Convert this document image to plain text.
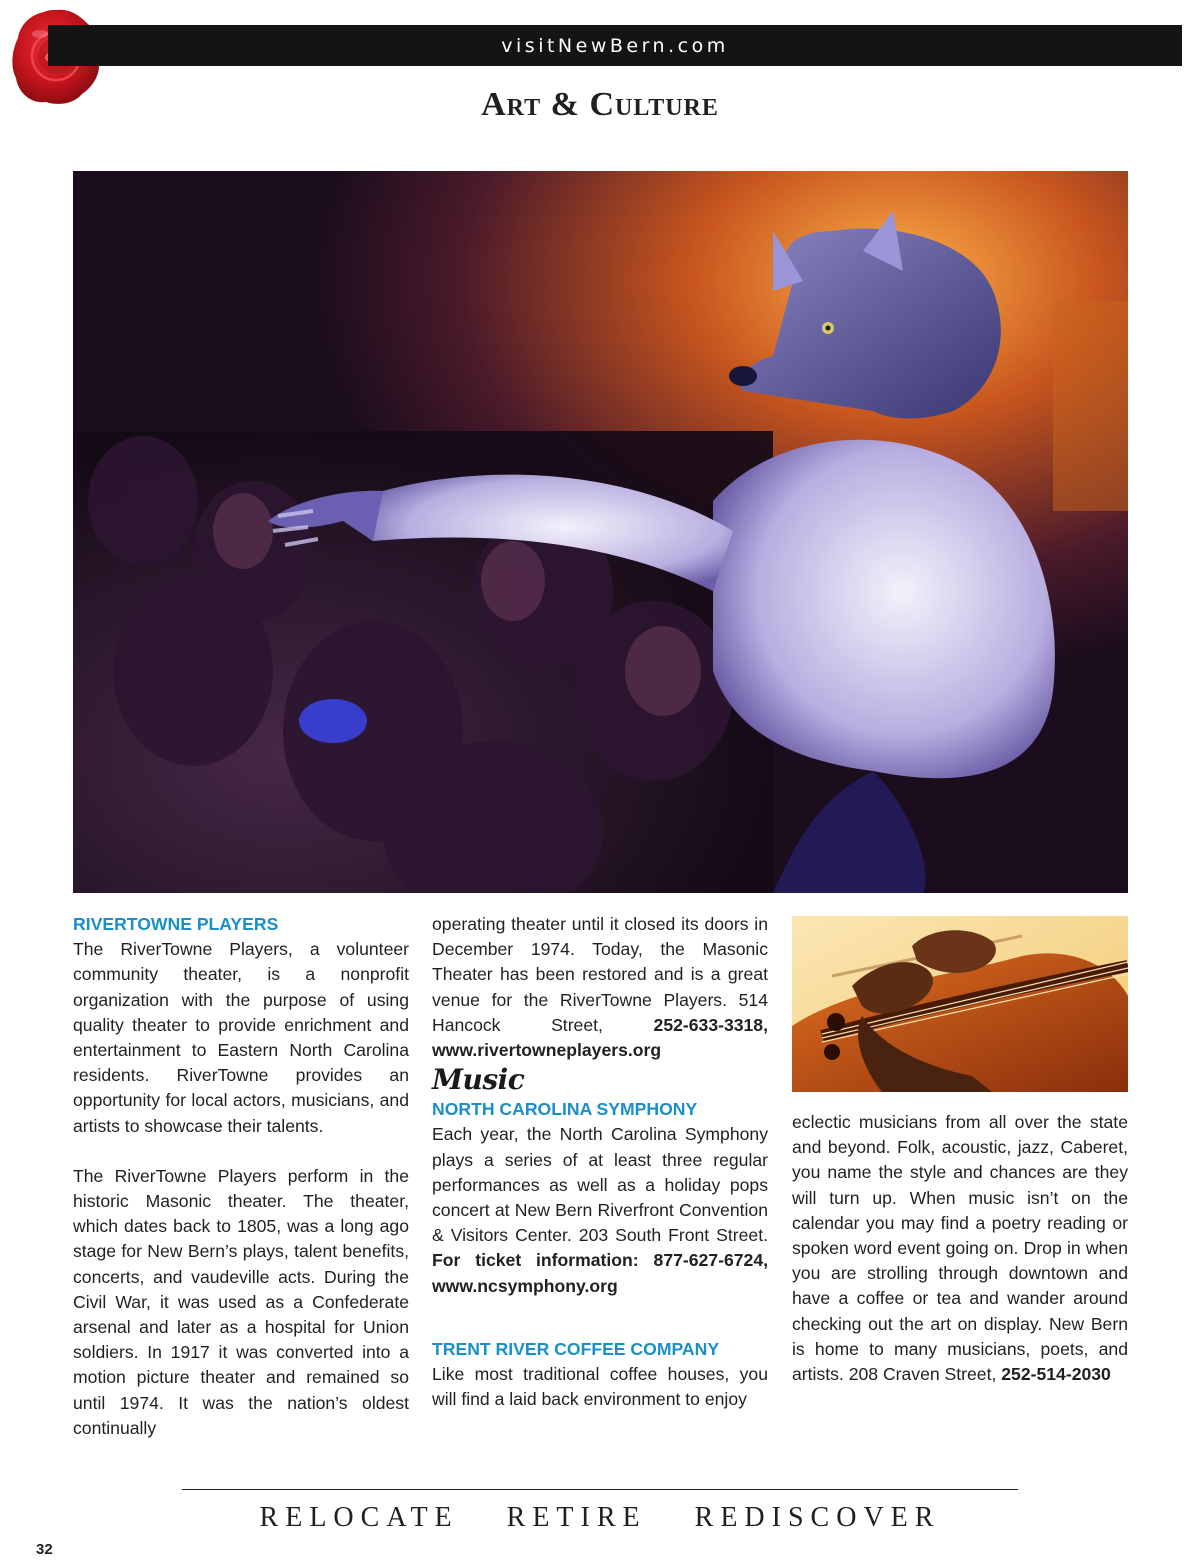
visitNewBern.com
Art & Culture

RIVERTOWNE PLAYERS

The RiverTowne Players, a volunteer community theater, is a nonprofit organization with the purpose of using quality theater to provide enrichment and entertainment to Eastern North Carolina residents. RiverTowne provides an opportunity for local actors, musicians, and artists to showcase their talents.

The RiverTowne Players perform in the historic Masonic theater. The theater, which dates back to 1805, was a long ago stage for New Bern’s plays, talent benefits, concerts, and vaudeville acts. During the Civil War, it was used as a Confederate arsenal and later as a hospital for Union soldiers. In 1917 it was converted into a motion picture theater and remained so until 1974. It was the nation’s oldest continually

operating theater until it closed its doors in December 1974. Today, the Masonic Theater has been restored and is a great venue for the RiverTowne Players. 514 Hancock Street,	252-633-3318, www.rivertowneplayers.org

Music

NORTH CAROLINA SYMPHONY

Each year, the North Carolina Symphony plays a series of at least three regular performances as well as a holiday pops concert at New Bern Riverfront Convention & Visitors Center. 203 South Front Street. For ticket information: 877-627-6724, www.ncsymphony.org

TRENT RIVER COFFEE COMPANY

Like most traditional coffee houses, you will find a laid back environment to enjoy

eclectic musicians from all over the state and beyond. Folk, acoustic, jazz, Caberet, you name the style and chances are they will turn up. When music isn’t on the calendar you may find a poetry reading or spoken word event going on. Drop in when you are strolling through downtown and have a coffee or tea and wander around checking out the art on display. New Bern is home to many musicians, poets, and artists. 208 Craven Street, 252-514-2030

RELOCATE RETIRE REDISCOVER
32
